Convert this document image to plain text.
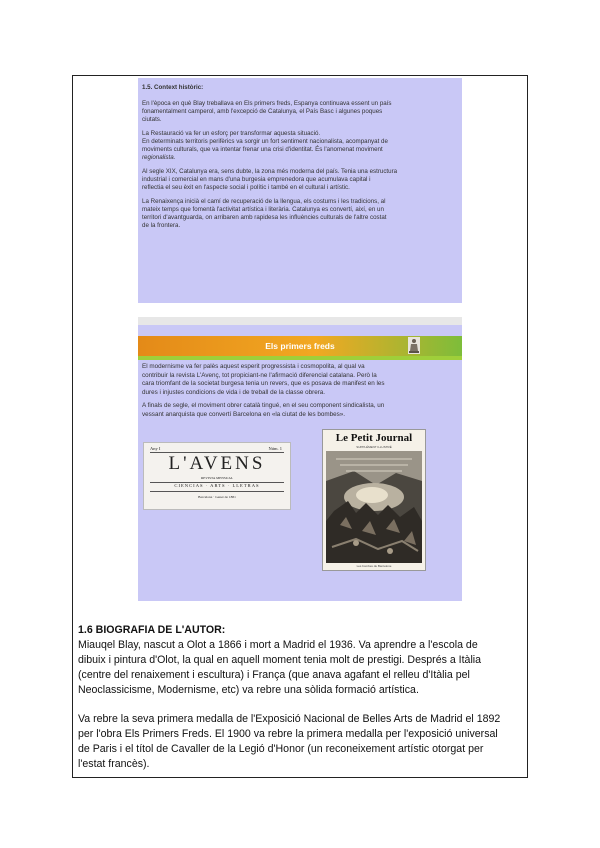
1.5. Context històric:

En l'època en què Blay treballava en Els primers freds, Espanya continuava essent un país
fonamentalment camperol, amb l'excepció de Catalunya, el País Basc i algunes poques
ciutats.

La Restauració va fer un esforç per transformar aquesta situació.
En determinats territoris perifèrics va sorgir un fort sentiment nacionalista, acompanyat de
moviments culturals, que va intentar frenar una crisi d'identitat. És l'anomenat moviment
regionalista.

Al segle XIX, Catalunya era, sens dubte, la zona més moderna del país. Tenia una estructura
industrial i comercial en mans d'una burgesia emprenedora que acumulava capital i
reflectia el seu èxit en l'aspecte social i polític i també en el cultural i artístic.

La Renaixença inicià el camí de recuperació de la llengua, els costums i les tradicions, al
mateix temps que fomentà l'activitat artística i literària. Catalunya es convertí, així, en un
territori d'avantguarda, on arribaren amb rapidesa les influències culturals de l'altre costat
de la frontera.

Els primers freds

El modernisme va fer palès aquest esperit progressista i cosmopolita, al qual va
contribuir la revista L'Avenç, tot propiciant-ne l'afirmació diferencial catalana. Però la
cara triomfant de la societat burgesa tenia un revers, que es posava de manifest en les
dures i injustes condicions de vida i de treball de la classe obrera.

A finals de segle, el moviment obrer català tingué, en el seu component sindicalista, un
vessant anarquista que convertí Barcelona en «la ciutat de les bombes».

Any I	Núm. 1
L'AVENS
REVISTA MENSUAL
CIENCIAS · ARTS · LLETRAS
Barcelona · Gener de 1881
Le Petit Journal
SUPPLÉMENT ILLUSTRÉ
Les bombes de Barcelone
1.6 BIOGRAFIA DE L'AUTOR:
Miauqel Blay, nascut a Olot a 1866 i mort a Madrid el 1936. Va aprendre a l'escola de
dibuix i pintura d'Olot, la qual en aquell moment tenia molt de prestigi. Després a Itàlia
(centre del renaixement i escultura) i França (que anava agafant el relleu d'Itàlia pel
Neoclassicisme, Modernisme, etc) va rebre una sòlida formació artística.
Va rebre la seva primera medalla de l'Exposició Nacional de Belles Arts de Madrid el 1892
per l'obra Els Primers Freds. El 1900 va rebre la primera medalla per l'exposició universal
de Paris i el títol de Cavaller de la Legió d'Honor (un reconeixement artístic otorgat per
l'estat francès).
